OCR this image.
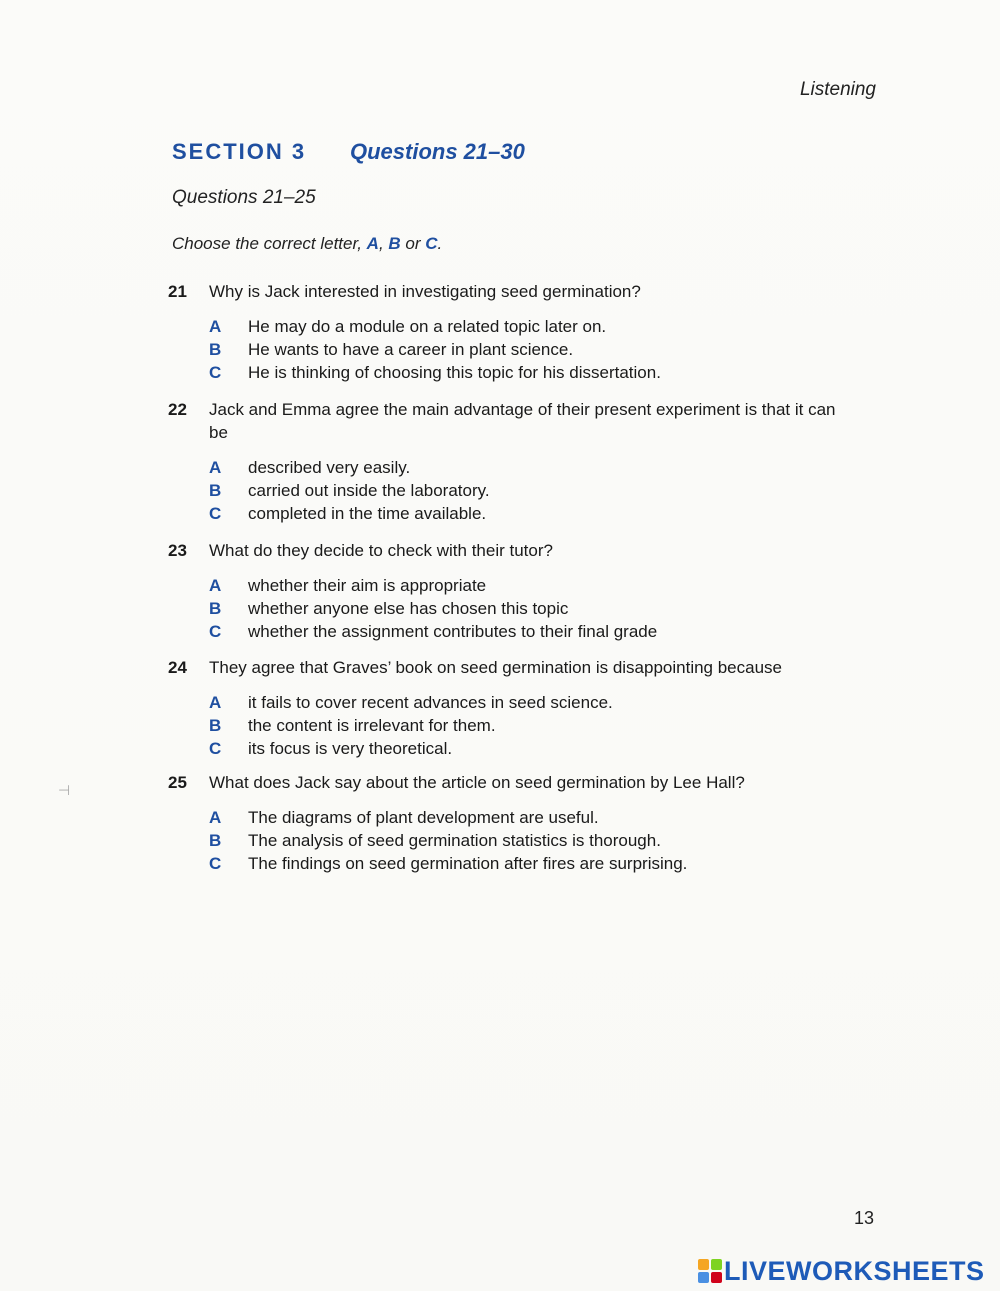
Listening
SECTION 3 Questions 21–30
Questions 21–25
Choose the correct letter, A, B or C.
21	Why is Jack interested in investigating seed germination?
A	He may do a module on a related topic later on.
B	He wants to have a career in plant science.
C	He is thinking of choosing this topic for his dissertation.
22	Jack and Emma agree the main advantage of their present experiment is that it can be
A	described very easily.
B	carried out inside the laboratory.
C	completed in the time available.
23	What do they decide to check with their tutor?
A	whether their aim is appropriate
B	whether anyone else has chosen this topic
C	whether the assignment contributes to their final grade
24	They agree that Graves’ book on seed germination is disappointing because
A	it fails to cover recent advances in seed science.
B	the content is irrelevant for them.
C	its focus is very theoretical.
25	What does Jack say about the article on seed germination by Lee Hall?
A	The diagrams of plant development are useful.
B	The analysis of seed germination statistics is thorough.
C	The findings on seed germination after fires are surprising.
⊣
13
LIVEWORKSHEETS
